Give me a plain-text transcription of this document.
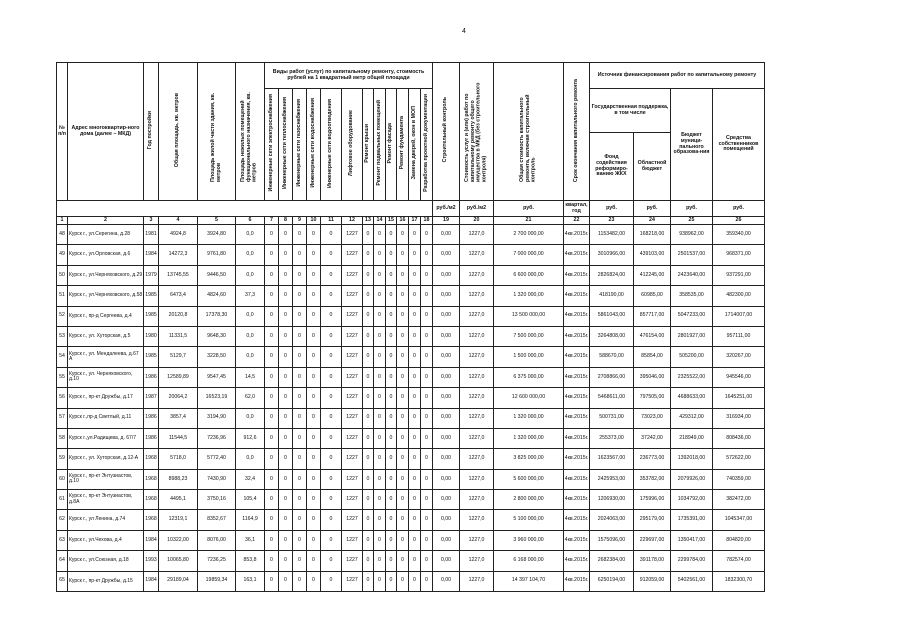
4
№ п/п	Адрес многоквартир-ного дома (далее – МКД)	Год постройки	Общая площадь, кв. метров	Площадь жилой части здания, кв. метров	Площадь нежилых помещений функционального назначения, кв. метров	Виды работ (услуг) по капитальному ремонту, стоимость рублей на 1 квадратный метр общей площади												Строительный контроль	Стоимость услуг и (или) работ по капитальному ремонту общего имущества в МКД (без строительного контроля)	Общая стоимость капитального ремонта, включая строительный контроль	Срок окончания капитального ремонта	Источник финансирования работ по капитальному ремонту			
						Инженерные сети электроснабжения	Инженерные сети теплоснабжения	Инженерные сети газоснабжения	Инженерные сети водоснабжения	Инженерные сети водоотведения	Лифтовое оборудование	Ремонт крыши	Ремонт подвальных помещений	Ремонт фасада	Ремонт фундамента	Замена дверей, окон в МОП	Разработка проектной документации					Государственная поддержка, в том числе		Бюджет муници-пального образова-ния	Средства собственников помещений
																						Фонд содействия реформиро-ванию ЖКХ	Областной бюджет		
																		руб./м2	руб./м2	руб.	квартал, год	руб.	руб.	руб.	руб.
1	2	3	4	5	6	7	8	9	10	11	12	13	14	15	16	17	18	19	20	21	22	23	24	25	26
48	Курск г., ул.Серегина, д.28	1981	4924,8	3924,80	0,0	0	0	0	0	0	1227	0	0	0	0	0	0	0,00	1227,0	2 700 000,00	4кв.2015г.	1153482,00	168218,00	938962,00	359340,00
49	Курск г., ул.Орловская, д.6	1984	14272,3	9761,80	0,0	0	0	0	0	0	1227	0	0	0	0	0	0	0,00	1227,0	7 000 000,00	4кв.2015г.	3010966,00	439103,00	2501537,00	968371,00
50	Курск г., ул.Черняховского, д.29	1979	13745,55	9446,50	0,0	0	0	0	0	0	1227	0	0	0	0	0	0	0,00	1227,0	6 600 000,00	4кв.2015г.	2826824,00	412245,00	2423640,00	937291,00
51	Курск г., ул.Черняховского, д.58	1985	6473,4	4824,60	37,3	0	0	0	0	0	1227	0	0	0	0	0	0	0,00	1227,0	1 320 000,00	4кв.2015г.	418190,00	60985,00	358535,00	482300,00
52	Курск г., пр-д Сергеева, д.4	1985	20120,8	17378,30	0,0	0	0	0	0	0	1227	0	0	0	0	0	0	0,00	1227,0	13 500 000,00	4кв.2015г.	5861043,00	857717,00	5047233,00	1714007,00
53	Курск г., ул. Хуторская, д.5	1980	11331,5	9648,30	0,0	0	0	0	0	0	1227	0	0	0	0	0	0	0,00	1227,0	7 500 000,00	4кв.2015г.	3264808,00	476154,00	2801927,00	957111,00
54	Курск г., ул. Мендалеева, д.67 А	1985	5129,7	3228,50	0,0	0	0	0	0	0	1227	0	0	0	0	0	0	0,00	1227,0	1 500 000,00	4кв.2015г.	588670,00	85854,00	505200,00	320267,00
55	Курск г., ул. Черняховского, д.10	1986	12589,89	9547,45	14,5	0	0	0	0	0	1227	0	0	0	0	0	0	0,00	1227,0	6 375 000,00	4кв.2015г.	2708866,00	395046,00	2325522,00	945546,00
56	Курск г., пр-кт Дружбы, д.17	1987	20064,2	16523,19	62,0	0	0	0	0	0	1227	0	0	0	0	0	0	0,00	1227,0	12 600 000,00	4кв.2015г.	5468611,00	797505,00	4688633,00	1645251,00
57	Курск г.,пр-д Светлый, д.11	1986	3857,4	3194,90	0,0	0	0	0	0	0	1227	0	0	0	0	0	0	0,00	1227,0	1 320 000,00	4кв.2015г.	500731,00	73023,00	429312,00	316934,00
58	Курск г.,ул.Радищева, д. 67/7	1986	11544,5	7236,96	912,6	0	0	0	0	0	1227	0	0	0	0	0	0	0,00	1227,0	1 320 000,00	4кв.2015г.	255373,00	37242,00	218949,00	808436,00
59	Курск г., ул. Хуторская, д.12-А	1968	5718,0	5772,40	0,0	0	0	0	0	0	1227	0	0	0	0	0	0	0,00	1227,0	3 825 000,00	4кв.2015г.	1623567,00	236773,00	1392018,00	572622,00
60	Курск г., пр-кт Энтузиастов, д.10	1968	8988,23	7430,90	32,4	0	0	0	0	0	1227	0	0	0	0	0	0	0,00	1227,0	5 600 000,00	4кв.2015г.	2425953,00	353782,00	2079926,00	740359,00
61	Курск г., пр-кт Энтузиастов, д.8А	1968	4495,1	3750,16	105,4	0	0	0	0	0	1227	0	0	0	0	0	0	0,00	1227,0	2 800 000,00	4кв.2015г.	1206930,00	175996,00	1034792,00	382472,00
62	Курск г., ул Ленина, д.74	1968	12319,1	8352,67	1164,9	0	0	0	0	0	1227	0	0	0	0	0	0	0,00	1227,0	5 100 000,00	4кв.2015г.	2024063,00	295179,00	1735391,00	1045347,00
63	Курск г., ул.Чехова, д.4	1984	10322,00	8076,00	36,1	0	0	0	0	0	1227	0	0	0	0	0	0	0,00	1227,0	3 960 000,00	4кв.2015г.	1575096,00	229697,00	1350417,00	804820,00
64	Курск г., ул.Союзная, д.18	1993	10065,80	7236,25	853,8	0	0	0	0	0	1227	0	0	0	0	0	0	0,00	1227,0	6 168 000,00	4кв.2015г.	2682384,00	391178,00	2299784,00	782574,00
65	Курск г., пр-кт Дружбы, д.15	1984	29189,04	19859,34	163,1	0	0	0	0	0	1227	0	0	0	0	0	0	0,00	1227,0	14 397 104,70	4кв.2015г.	6250194,00	912059,00	5402561,00	1832300,70
